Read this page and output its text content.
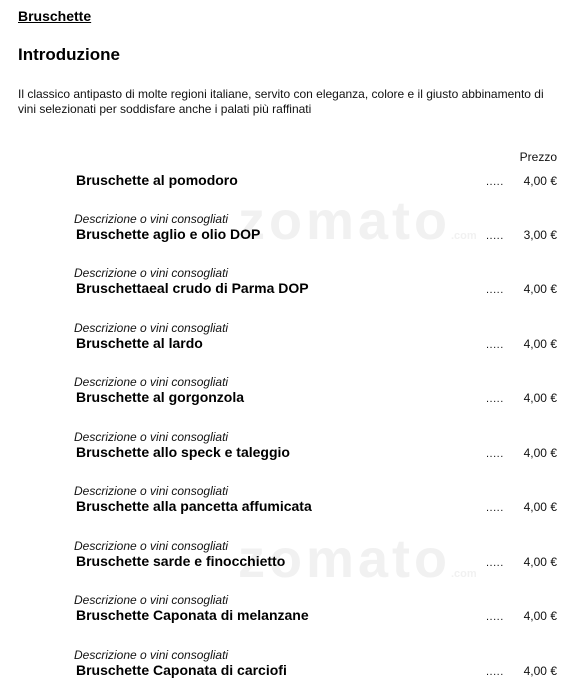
zomato.com
zomato.com
Bruschette
Introduzione
Il classico antipasto di molte regioni italiane, servito con eleganza, colore e il giusto abbinamento di vini selezionati per soddisfare anche i palati più raffinati
Prezzo
Bruschette al pomodoro	..... 4,00 €
Descrizione o vini consogliati
Bruschette aglio e olio DOP	..... 3,00 €
Descrizione o vini consogliati
Bruschettaeal crudo di Parma DOP	..... 4,00 €
Descrizione o vini consogliati
Bruschette al lardo	..... 4,00 €
Descrizione o vini consogliati
Bruschette al gorgonzola	..... 4,00 €
Descrizione o vini consogliati
Bruschette allo speck e taleggio	..... 4,00 €
Descrizione o vini consogliati
Bruschette alla pancetta affumicata	..... 4,00 €
Descrizione o vini consogliati
Bruschette sarde e finocchietto	..... 4,00 €
Descrizione o vini consogliati
Bruschette Caponata di melanzane	..... 4,00 €
Descrizione o vini consogliati
Bruschette Caponata di carciofi	..... 4,00 €
